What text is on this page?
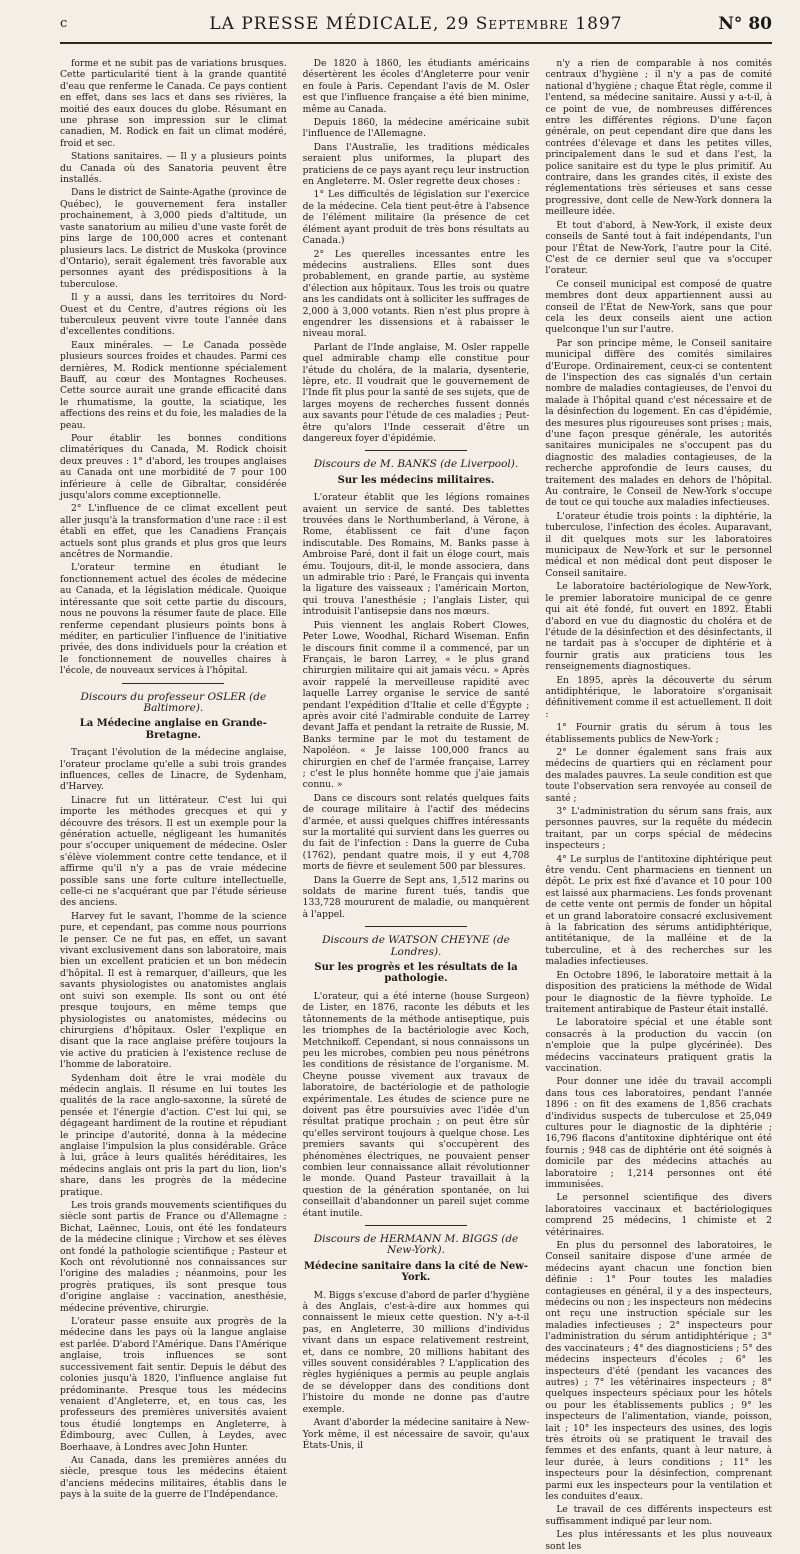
c	LA PRESSE MÉDICALE, 29 Septembre 1897	N° 80

forme et ne subit pas de variations brusques. Cette particularité tient à la grande quantité d'eau que renferme le Canada. Ce pays contient en effet, dans ses lacs et dans ses rivières, la moitié des eaux douces du globe. Résumant en une phrase son impression sur le climat canadien, M. Rodick en fait un climat modéré, froid et sec.

Stations sanitaires. — Il y a plusieurs points du Canada où des Sanatoria peuvent être installés.

Dans le district de Sainte-Agathe (province de Québec), le gouvernement fera installer prochainement, à 3,000 pieds d'altitude, un vaste sanatorium au milieu d'une vaste forêt de pins large de 100,000 acres et contenant plusieurs lacs. Le district de Muskoka (province d'Ontario), serait également très favorable aux personnes ayant des prédispositions à la tuberculose.

Il y a aussi, dans les territoires du Nord-Ouest et du Centre, d'autres régions où les tuberculeux peuvent vivre toute l'année dans d'excellentes conditions.

Eaux minérales. — Le Canada possède plusieurs sources froides et chaudes. Parmi ces dernières, M. Rodick mentionne spécialement Bauff, au cœur des Montagnes Rocheuses. Cette source aurait une grande efficacité dans le rhumatisme, la goutte, la sciatique, les affections des reins et du foie, les maladies de la peau.

Pour établir les bonnes conditions climatériques du Canada, M. Rodick choisit deux preuves : 1° d'abord, les troupes anglaises au Canada ont une morbidité de 7 pour 100 inférieure à celle de Gibraltar, considérée jusqu'alors comme exceptionnelle.

2° L'influence de ce climat excellent peut aller jusqu'à la transformation d'une race : il est établi en effet, que les Canadiens Français actuels sont plus grands et plus gros que leurs ancêtres de Normandie.

L'orateur termine en étudiant le fonctionnement actuel des écoles de médecine au Canada, et la législation médicale. Quoique intéressante que soit cette partie du discours, nous ne pouvons la résumer faute de place. Elle renferme cependant plusieurs points bons à méditer, en particulier l'influence de l'initiative privée, des dons individuels pour la création et le fonctionnement de nouvelles chaires à l'école, de nouveaux services à l'hôpital.

Discours du professeur OSLER (de Baltimore).
La Médecine anglaise en Grande-Bretagne.

Traçant l'évolution de la médecine anglaise, l'orateur proclame qu'elle a subi trois grandes influences, celles de Linacre, de Sydenham, d'Harvey.

Linacre fut un littérateur. C'est lui qui importe les méthodes grecques et qui y découvre des trésors. Il est un exemple pour la génération actuelle, négligeant les humanités pour s'occuper uniquement de médecine. Osler s'élève violemment contre cette tendance, et il affirme qu'il n'y a pas de vraie médecine possible sans une forte culture intellectuelle, celle-ci ne s'acquérant que par l'étude sérieuse des anciens.

Harvey fut le savant, l'homme de la science pure, et cependant, pas comme nous pourrions le penser. Ce ne fut pas, en effet, un savant vivant exclusivement dans son laboratoire, mais bien un excellent praticien et un bon médecin d'hôpital. Il est à remarquer, d'ailleurs, que les savants physiologistes ou anatomistes anglais ont suivi son exemple. Ils sont ou ont été presque toujours, en même temps que physiologistes ou anatomistes, médecins ou chirurgiens d'hôpitaux. Osler l'explique en disant que la race anglaise préfère toujours la vie active du praticien à l'existence recluse de l'homme de laboratoire.

Sydenham doit être le vrai modèle du médecin anglais. Il résume en lui toutes les qualités de la race anglo-saxonne, la sûreté de pensée et l'énergie d'action. C'est lui qui, se dégageant hardiment de la routine et répudiant le principe d'autorité, donna à la médecine anglaise l'impulsion la plus considérable. Grâce à lui, grâce à leurs qualités héréditaires, les médecins anglais ont pris la part du lion, lion's share, dans les progrès de la médecine pratique.

Les trois grands mouvements scientifiques du siècle sont partis de France ou d'Allemagne : Bichat, Laënnec, Louis, ont été les fondateurs de la médecine clinique ; Virchow et ses élèves ont fondé la pathologie scientifique ; Pasteur et Koch ont révolutionné nos connaissances sur l'origine des maladies ; néanmoins, pour les progrès pratiques, ils sont presque tous d'origine anglaise : vaccination, anesthésie, médecine préventive, chirurgie.

L'orateur passe ensuite aux progrès de la médecine dans les pays où la langue anglaise est parlée. D'abord l'Amérique. Dans l'Amérique anglaise, trois influences se sont successivement fait sentir. Depuis le début des colonies jusqu'à 1820, l'influence anglaise fut prédominante. Presque tous les médecins venaient d'Angleterre, et, en tous cas, les professeurs des premières universités avaient tous étudié longtemps en Angleterre, à Édimbourg, avec Cullen, à Leydes, avec Boerhaave, à Londres avec John Hunter.

Au Canada, dans les premières années du siècle, presque tous les médecins étaient d'anciens médecins militaires, établis dans le pays à la suite de la guerre de l'Indépendance.

De 1820 à 1860, les étudiants américains désertèrent les écoles d'Angleterre pour venir en foule à Paris. Cependant l'avis de M. Osler est que l'influence française a été bien minime, même au Canada.

Depuis 1860, la médecine américaine subit l'influence de l'Allemagne.

Dans l'Australie, les traditions médicales seraient plus uniformes, la plupart des praticiens de ce pays ayant reçu leur instruction en Angleterre. M. Osler regrette deux choses :

1° Les difficultés de législation sur l'exercice de la médecine. Cela tient peut-être à l'absence de l'élément militaire (la présence de cet élément ayant produit de très bons résultats au Canada.)

2° Les querelles incessantes entre les médecins australiens. Elles sont dues probablement, en grande partie, au système d'élection aux hôpitaux. Tous les trois ou quatre ans les candidats ont à solliciter les suffrages de 2,000 à 3,000 votants. Rien n'est plus propre à engendrer les dissensions et à rabaisser le niveau moral.

Parlant de l'Inde anglaise, M. Osler rappelle quel admirable champ elle constitue pour l'étude du choléra, de la malaria, dysenterie, lèpre, etc. Il voudrait que le gouvernement de l'Inde fît plus pour la santé de ses sujets, que de larges moyens de recherches fussent donnés aux savants pour l'étude de ces maladies ; Peut-être qu'alors l'Inde cesserait d'être un dangereux foyer d'épidémie.

Discours de M. BANKS (de Liverpool).
Sur les médecins militaires.

L'orateur établit que les légions romaines avaient un service de santé. Des tablettes trouvées dans le Northumberland, à Vérone, à Rome, établissent ce fait d'une façon indiscutable. Des Romains, M. Banks passe à Ambroise Paré, dont il fait un éloge court, mais ému. Toujours, dit-il, le monde associera, dans un admirable trio : Paré, le Français qui inventa la ligature des vaisseaux ; l'américain Morton, qui trouva l'anesthésie ; l'anglais Lister, qui introduisit l'antisepsie dans nos mœurs.

Puis viennent les anglais Robert Clowes, Peter Lowe, Woodhal, Richard Wiseman. Enfin le discours finit comme il a commencé, par un Français, le baron Larrey, « le plus grand chirurgien militaire qui ait jamais vécu. » Après avoir rappelé la merveilleuse rapidité avec laquelle Larrey organise le service de santé pendant l'expédition d'Italie et celle d'Égypte ; après avoir cité l'admirable conduite de Larrey devant Jaffa et pendant la retraite de Russie, M. Banks termine par le mot du testament de Napoléon. « Je laisse 100,000 francs au chirurgien en chef de l'armée française, Larrey ; c'est le plus honnête homme que j'aie jamais connu. »

Dans ce discours sont relatés quelques faits de courage militaire à l'actif des médecins d'armée, et aussi quelques chiffres intéressants sur la mortalité qui survient dans les guerres ou du fait de l'infection : Dans la guerre de Cuba (1762), pendant quatre mois, il y eut 4,708 morts de fièvre et seulement 500 par blessures.

Dans la Guerre de Sept ans, 1,512 marins ou soldats de marine furent tués, tandis que 133,728 moururent de maladie, ou manquèrent à l'appel.

Discours de WATSON CHEYNE (de Londres).
Sur les progrès et les résultats de la pathologie.

L'orateur, qui a été interne (house Surgeon) de Lister, en 1876, raconte les débuts et les tâtonnements de la méthode antiseptique, puis les triomphes de la bactériologie avec Koch, Metchnikoff. Cependant, si nous connaissons un peu les microbes, combien peu nous pénétrons les conditions de résistance de l'organisme. M. Cheyne pousse vivement aux travaux de laboratoire, de bactériologie et de pathologie expérimentale. Les études de science pure ne doivent pas être poursuivies avec l'idée d'un résultat pratique prochain ; on peut être sûr qu'elles serviront toujours à quelque chose. Les premiers savants qui s'occupèrent des phénomènes électriques, ne pouvaient penser combien leur connaissance allait révolutionner le monde. Quand Pasteur travaillait à la question de la génération spontanée, on lui conseillait d'abandonner un pareil sujet comme étant inutile.

Discours de HERMANN M. BIGGS (de New-York).
Médecine sanitaire dans la cité de New-York.

M. Biggs s'excuse d'abord de parler d'hygiène à des Anglais, c'est-à-dire aux hommes qui connaissent le mieux cette question. N'y a-t-il pas, en Angleterre, 30 millions d'individus vivant dans un espace relativement restreint, et, dans ce nombre, 20 millions habitant des villes souvent considérables ? L'application des règles hygiéniques a permis au peuple anglais de se développer dans des conditions dont l'histoire du monde ne donne pas d'autre exemple.

Avant d'aborder la médecine sanitaire à New-York même, il est nécessaire de savoir, qu'aux États-Unis, il

n'y a rien de comparable à nos comités centraux d'hygiène ; il n'y a pas de comité national d'hygiène ; chaque État règle, comme il l'entend, sa médecine sanitaire. Aussi y a-t-il, à ce point de vue, de nombreuses différences entre les différentes régions. D'une façon générale, on peut cependant dire que dans les contrées d'élevage et dans les petites villes, principalement dans le sud et dans l'est, la police sanitaire est du type le plus primitif. Au contraire, dans les grandes cités, il existe des réglementations très sérieuses et sans cesse progressive, dont celle de New-York donnera la meilleure idée.

Et tout d'abord, à New-York, il existe deux conseils de Santé tout à fait indépendants, l'un pour l'État de New-York, l'autre pour la Cité. C'est de ce dernier seul que va s'occuper l'orateur.

Ce conseil municipal est composé de quatre membres dont deux appartiennent aussi au conseil de l'État de New-York, sans que pour cela les deux conseils aient une action quelconque l'un sur l'autre.

Par son principe même, le Conseil sanitaire municipal diffère des comités similaires d'Europe. Ordinairement, ceux-ci se contentent de l'inspection des cas signalés d'un certain nombre de maladies contagieuses, de l'envoi du malade à l'hôpital quand c'est nécessaire et de la désinfection du logement. En cas d'épidémie, des mesures plus rigoureuses sont prises ; mais, d'une façon presque générale, les autorités sanitaires municipales ne s'occupent pas du diagnostic des maladies contagieuses, de la recherche approfondie de leurs causes, du traitement des malades en dehors de l'hôpital. Au contraire, le Conseil de New-York s'occupe de tout ce qui touche aux maladies infectieuses.

L'orateur étudie trois points : la diphtérie, la tuberculose, l'infection des écoles. Auparavant, il dit quelques mots sur les laboratoires municipaux de New-York et sur le personnel médical et non médical dont peut disposer le Conseil sanitaire.

Le laboratoire bactériologique de New-York, le premier laboratoire municipal de ce genre qui ait été fondé, fut ouvert en 1892. Établi d'abord en vue du diagnostic du choléra et de l'étude de la désinfection et des désinfectants, il ne tardait pas à s'occuper de diphtérie et à fournir gratis aux praticiens tous les renseignements diagnostiques.

En 1895, après la découverte du sérum antidiphtérique, le laboratoire s'organisait définitivement comme il est actuellement. Il doit :

1° Fournir gratis du sérum à tous les établissements publics de New-York ;

2° Le donner également sans frais aux médecins de quartiers qui en réclament pour des malades pauvres. La seule condition est que toute l'observation sera renvoyée au conseil de santé ;

3° L'administration du sérum sans frais, aux personnes pauvres, sur la requête du médecin traitant, par un corps spécial de médecins inspecteurs ;

4° Le surplus de l'antitoxine diphtérique peut être vendu. Cent pharmaciens en tiennent un dépôt. Le prix est fixé d'avance et 10 pour 100 est laissé aux pharmaciens. Les fonds provenant de cette vente ont permis de fonder un hôpital et un grand laboratoire consacré exclusivement à la fabrication des sérums antidiphtérique, antitétanique, de la malléine et de la tuberculine, et à des recherches sur les maladies infectieuses.

En Octobre 1896, le laboratoire mettait à la disposition des praticiens la méthode de Widal pour le diagnostic de la fièvre typhoïde. Le traitement antirabique de Pasteur était installé.

Le laboratoire spécial et une étable sont consacrés à la production du vaccin (on n'emploie que la pulpe glycérinée). Des médecins vaccinateurs pratiquent gratis la vaccination.

Pour donner une idée du travail accompli dans tous ces laboratoires, pendant l'année 1896 : on fit des examens de 1,856 crachats d'individus suspects de tuberculose et 25,049 cultures pour le diagnostic de la diphtérie ; 16,796 flacons d'antitoxine diphtérique ont été fournis ; 948 cas de diphtérie ont été soignés à domicile par des médecins attachés au laboratoire ; 1,214 personnes ont été immunisées.

Le personnel scientifique des divers laboratoires vaccinaux et bactériologiques comprend 25 médecins, 1 chimiste et 2 vétérinaires.

En plus du personnel des laboratoires, le Conseil sanitaire dispose d'une armée de médecins ayant chacun une fonction bien définie : 1° Pour toutes les maladies contagieuses en général, il y a des inspecteurs, médecins ou non ; les inspecteurs non médecins ont reçu une instruction spéciale sur les maladies infectieuses ; 2° inspecteurs pour l'administration du sérum antidiphtérique ; 3° des vaccinateurs ; 4° des diagnosticiens ; 5° des médecins inspecteurs d'écoles ; 6° les inspecteurs d'été (pendant les vacances des autres) ; 7° les vétérinaires inspecteurs ; 8° quelques inspecteurs spéciaux pour les hôtels ou pour les établissements publics ; 9° les inspecteurs de l'alimentation, viande, poisson, lait ; 10° les inspecteurs des usines, des logis très étroits où se pratiquent le travail des femmes et des enfants, quant à leur nature, à leur durée, à leurs conditions ; 11° les inspecteurs pour la désinfection, comprenant parmi eux les inspecteurs pour la ventilation et les conduites d'eaux.

Le travail de ces différents inspecteurs est suffisamment indiqué par leur nom.

Les plus intéressants et les plus nouveaux sont les
